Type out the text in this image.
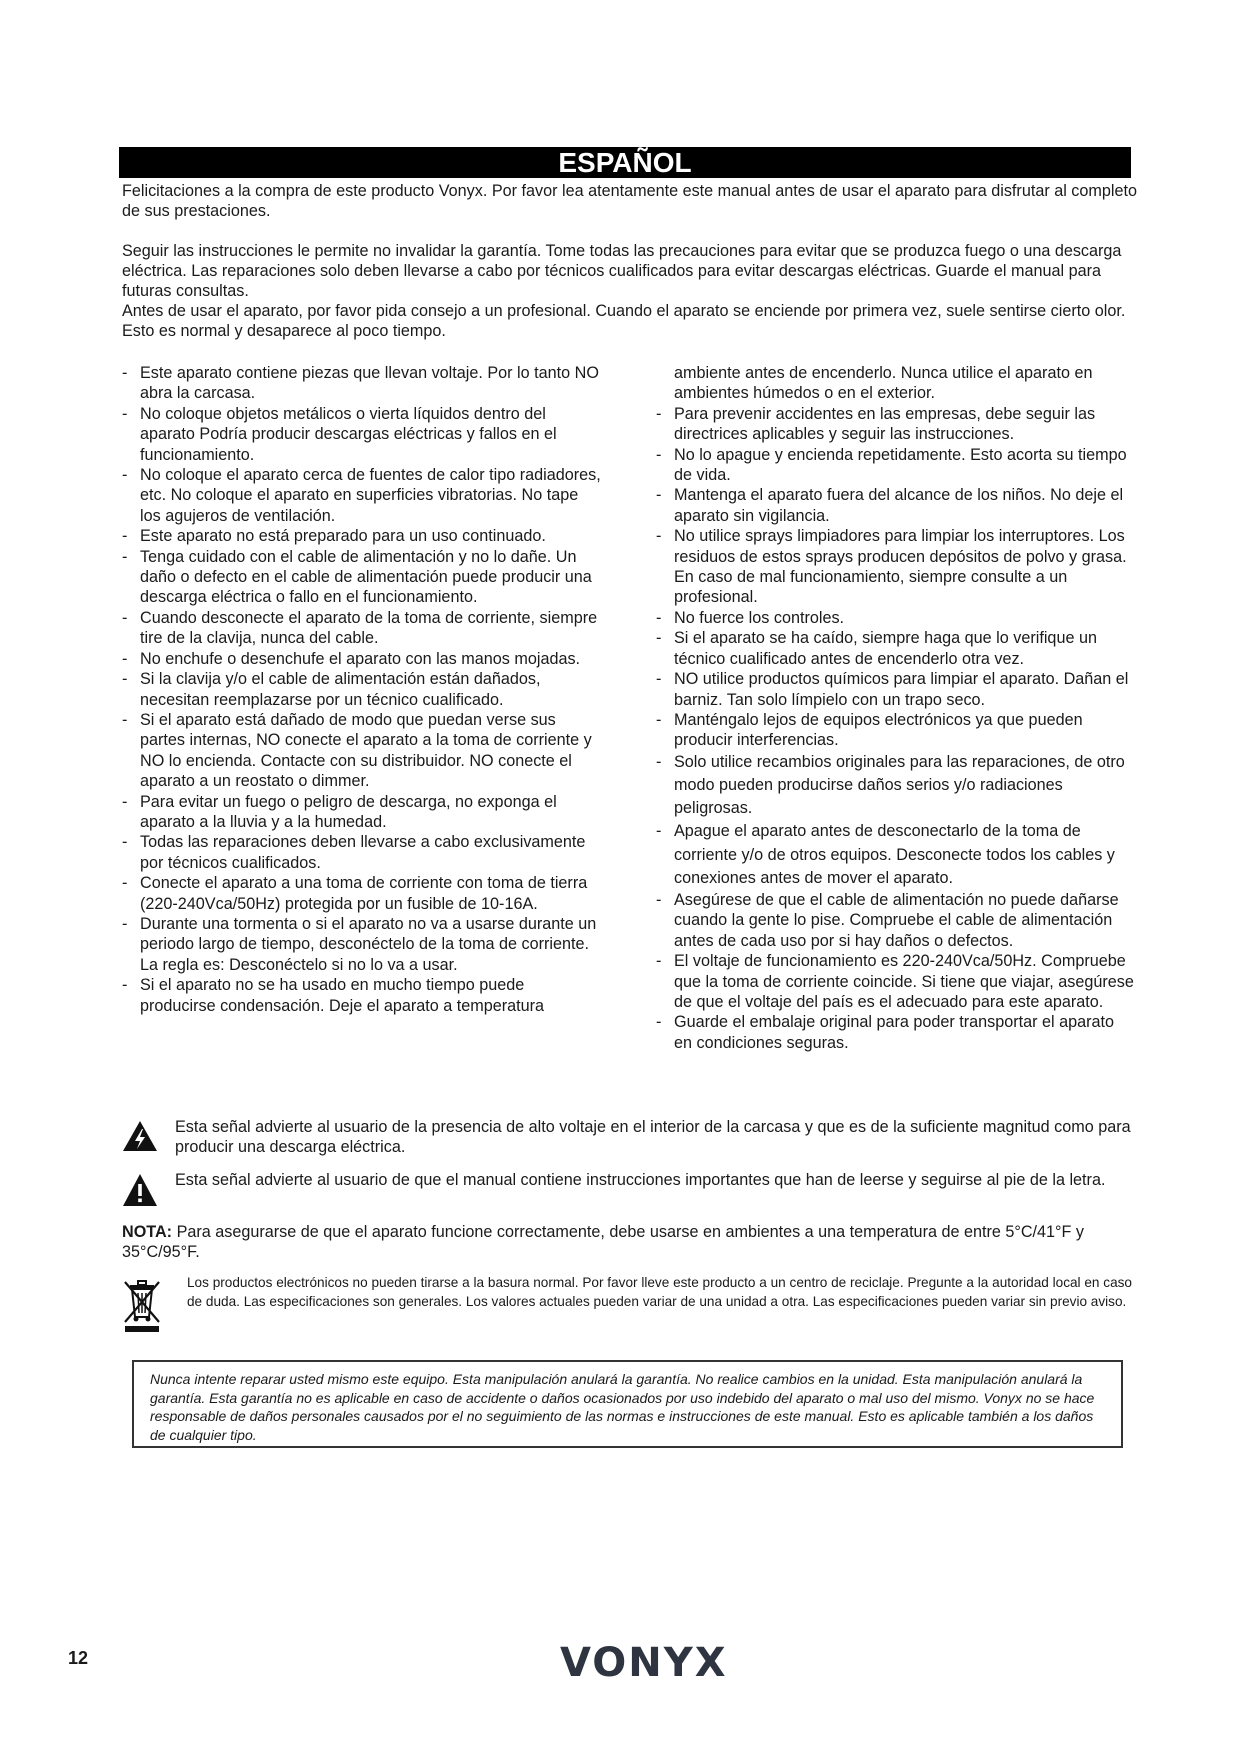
ESPAÑOL

Felicitaciones a la compra de este producto Vonyx. Por favor lea atentamente este manual antes de usar el aparato para disfrutar al completo de sus prestaciones.

Seguir las instrucciones le permite no invalidar la garantía. Tome todas las precauciones para evitar que se produzca fuego o una descarga eléctrica. Las reparaciones solo deben llevarse a cabo por técnicos cualificados para evitar descargas eléctricas. Guarde el manual para futuras consultas.
Antes de usar el aparato, por favor pida consejo a un profesional. Cuando el aparato se enciende por primera vez, suele sentirse cierto olor. Esto es normal y desaparece al poco tiempo.

- Este aparato contiene piezas que llevan voltaje. Por lo tanto NO abra la carcasa.

- No coloque objetos metálicos o vierta líquidos dentro del aparato Podría producir descargas eléctricas y fallos en el funcionamiento.

- No coloque el aparato cerca de fuentes de calor tipo radiadores, etc. No coloque el aparato en superficies vibratorias. No tape los agujeros de ventilación.

- Este aparato no está preparado para un uso continuado.

- Tenga cuidado con el cable de alimentación y no lo dañe. Un daño o defecto en el cable de alimentación puede producir una descarga eléctrica o fallo en el funcionamiento.

- Cuando desconecte el aparato de la toma de corriente, siempre tire de la clavija, nunca del cable.

- No enchufe o desenchufe el aparato con las manos mojadas.

- Si la clavija y/o el cable de alimentación están dañados, necesitan reemplazarse por un técnico cualificado.

- Si el aparato está dañado de modo que puedan verse sus partes internas, NO conecte el aparato a la toma de corriente y NO lo encienda. Contacte con su distribuidor. NO conecte el aparato a un reostato o dimmer.

- Para evitar un fuego o peligro de descarga, no exponga el aparato a la lluvia y a la humedad.

- Todas las reparaciones deben llevarse a cabo exclusivamente por técnicos cualificados.

- Conecte el aparato a una toma de corriente con toma de tierra (220-240Vca/50Hz) protegida por un fusible de 10-16A.

- Durante una tormenta o si el aparato no va a usarse durante un periodo largo de tiempo, desconéctelo de la toma de corriente. La regla es: Desconéctelo si no lo va a usar.

- Si el aparato no se ha usado en mucho tiempo puede producirse condensación. Deje el aparato a temperatura

ambiente antes de encenderlo. Nunca utilice el aparato en ambientes húmedos o en el exterior.

- Para prevenir accidentes en las empresas, debe seguir las directrices aplicables y seguir las instrucciones.

- No lo apague y encienda repetidamente. Esto acorta su tiempo de vida.

- Mantenga el aparato fuera del alcance de los niños. No deje el aparato sin vigilancia.

- No utilice sprays limpiadores para limpiar los interruptores. Los residuos de estos sprays producen depósitos de polvo y grasa. En caso de mal funcionamiento, siempre consulte a un profesional.

- No fuerce los controles.

- Si el aparato se ha caído, siempre haga que lo verifique un técnico cualificado antes de encenderlo otra vez.

- NO utilice productos químicos para limpiar el aparato. Dañan el barniz. Tan solo límpielo con un trapo seco.

- Manténgalo lejos de equipos electrónicos ya que pueden producir interferencias.

- Solo utilice recambios originales para las reparaciones, de otro modo pueden producirse daños serios y/o radiaciones peligrosas.

- Apague el aparato antes de desconectarlo de la toma de corriente y/o de otros equipos. Desconecte todos los cables y conexiones antes de mover el aparato.

- Asegúrese de que el cable de alimentación no puede dañarse cuando la gente lo pise. Compruebe el cable de alimentación antes de cada uso por si hay daños o defectos.

- El voltaje de funcionamiento es 220-240Vca/50Hz. Compruebe que la toma de corriente coincide. Si tiene que viajar, asegúrese de que el voltaje del país es el adecuado para este aparato.

- Guarde el embalaje original para poder transportar el aparato en condiciones seguras.

Esta señal advierte al usuario de la presencia de alto voltaje en el interior de la carcasa y que es de la suficiente magnitud como para producir una descarga eléctrica.
Esta señal advierte al usuario de que el manual contiene instrucciones importantes que han de leerse y seguirse al pie de la letra.
NOTA: Para asegurarse de que el aparato funcione correctamente, debe usarse en ambientes a una temperatura de entre 5°C/41°F y 35°C/95°F.
Los productos electrónicos no pueden tirarse a la basura normal. Por favor lleve este producto a un centro de reciclaje. Pregunte a la autoridad local en caso de duda. Las especificaciones son generales. Los valores actuales pueden variar de una unidad a otra. Las especificaciones pueden variar sin previo aviso.
Nunca intente reparar usted mismo este equipo. Esta manipulación anulará la garantía. No realice cambios en la unidad. Esta manipulación anulará la garantía. Esta garantía no es aplicable en caso de accidente o daños ocasionados por uso indebido del aparato o mal uso del mismo. Vonyx no se hace responsable de daños personales causados por el no seguimiento de las normas e instrucciones de este manual. Esto es aplicable también a los daños de cualquier tipo.
12	VONYX
